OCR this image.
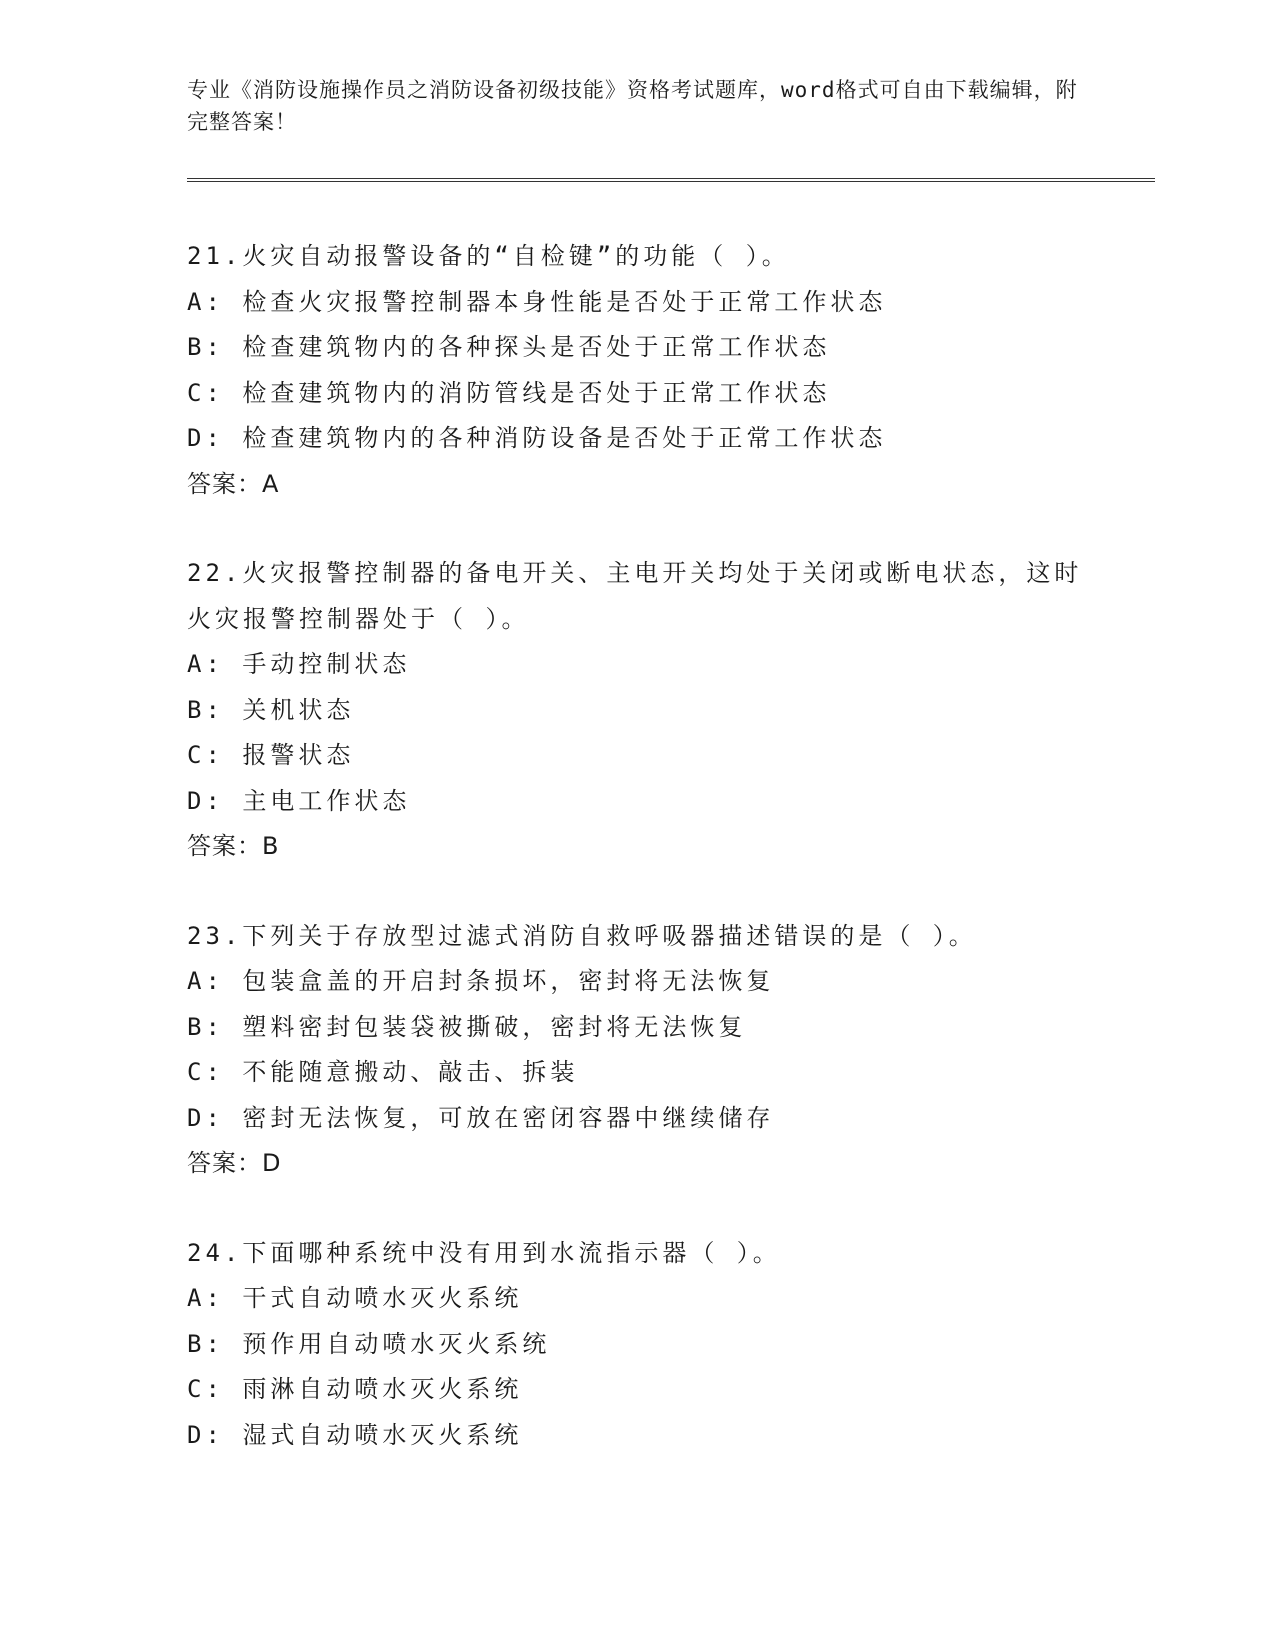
专业《消防设施操作员之消防设备初级技能》资格考试题库，word格式可自由下载编辑，附完整答案！
21.火灾自动报警设备的“自检键”的功能（ ）。
A: 检查火灾报警控制器本身性能是否处于正常工作状态
B: 检查建筑物内的各种探头是否处于正常工作状态
C: 检查建筑物内的消防管线是否处于正常工作状态
D: 检查建筑物内的各种消防设备是否处于正常工作状态
答案：A
22.火灾报警控制器的备电开关、主电开关均处于关闭或断电状态，这时火灾报警控制器处于（ ）。
A: 手动控制状态
B: 关机状态
C: 报警状态
D: 主电工作状态
答案：B
23.下列关于存放型过滤式消防自救呼吸器描述错误的是（ ）。
A: 包装盒盖的开启封条损坏，密封将无法恢复
B: 塑料密封包装袋被撕破，密封将无法恢复
C: 不能随意搬动、敲击、拆装
D: 密封无法恢复，可放在密闭容器中继续储存
答案：D
24.下面哪种系统中没有用到水流指示器（ ）。
A: 干式自动喷水灭火系统
B: 预作用自动喷水灭火系统
C: 雨淋自动喷水灭火系统
D: 湿式自动喷水灭火系统
